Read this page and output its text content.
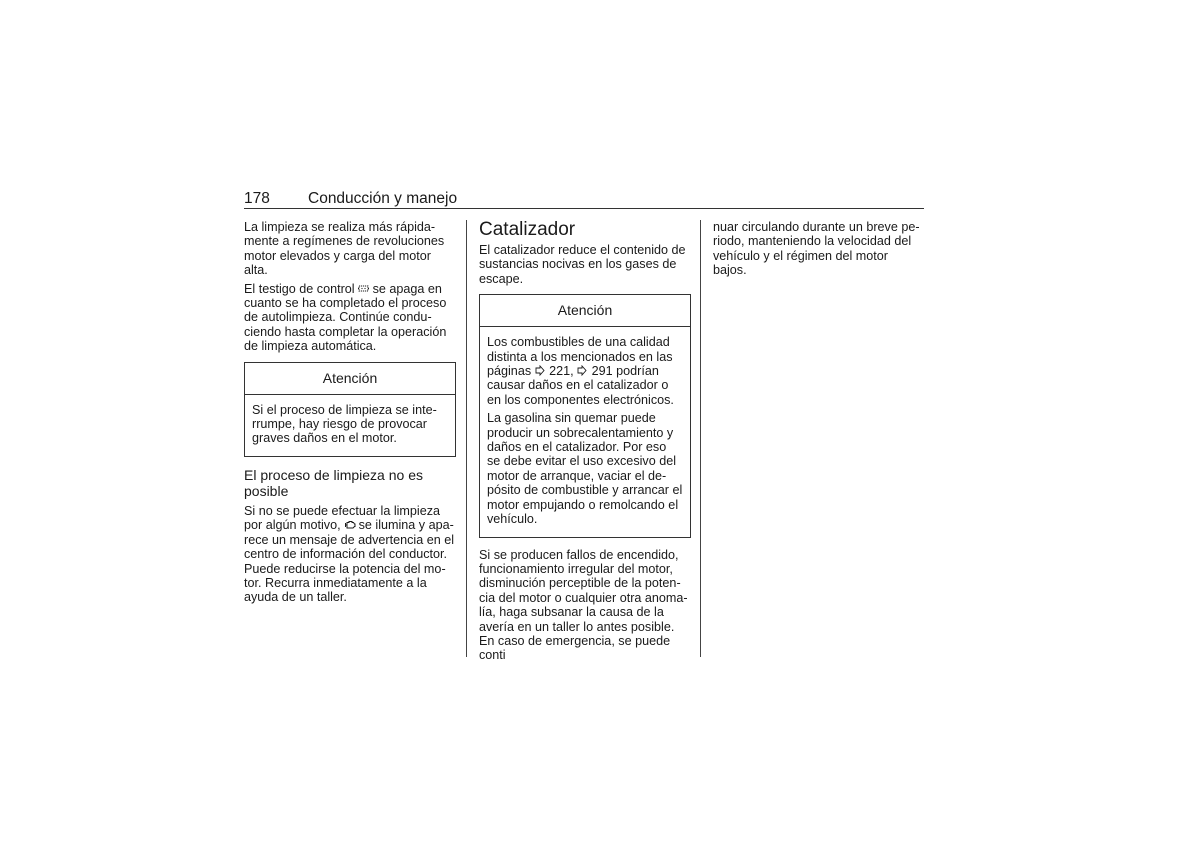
178 Conducción y manejo

La limpieza se realiza más rápidamente a regímenes de revoluciones motor elevados y carga del motor alta.

El testigo de control
se apaga en cuanto se ha completado el proceso de autolimpieza. Continúe conduciendo hasta completar la operación de limpieza automática.

Atención

Si el proceso de limpieza se interrumpe, hay riesgo de provocar graves daños en el motor.

El proceso de limpieza no es posible

Si no se puede efectuar la limpieza por algún motivo,
se ilumina y aparece un mensaje de advertencia en el centro de información del conductor. Puede reducirse la potencia del motor. Recurra inmediatamente a la ayuda de un taller.

Catalizador

El catalizador reduce el contenido de sustancias nocivas en los gases de escape.

Atención

Los combustibles de una calidad distinta a los mencionados en las páginas
221,
291 podrían causar daños en el catalizador o en los componentes electrónicos.

La gasolina sin quemar puede producir un sobrecalentamiento y daños en el catalizador. Por eso se debe evitar el uso excesivo del motor de arranque, vaciar el depósito de combustible y arrancar el motor empujando o remolcando el vehículo.

Si se producen fallos de encendido, funcionamiento irregular del motor, disminución perceptible de la potencia del motor o cualquier otra anomalía, haga subsanar la causa de la avería en un taller lo antes posible. En caso de emergencia, se puede conti

nuar circulando durante un breve periodo, manteniendo la velocidad del vehículo y el régimen del motor bajos.
